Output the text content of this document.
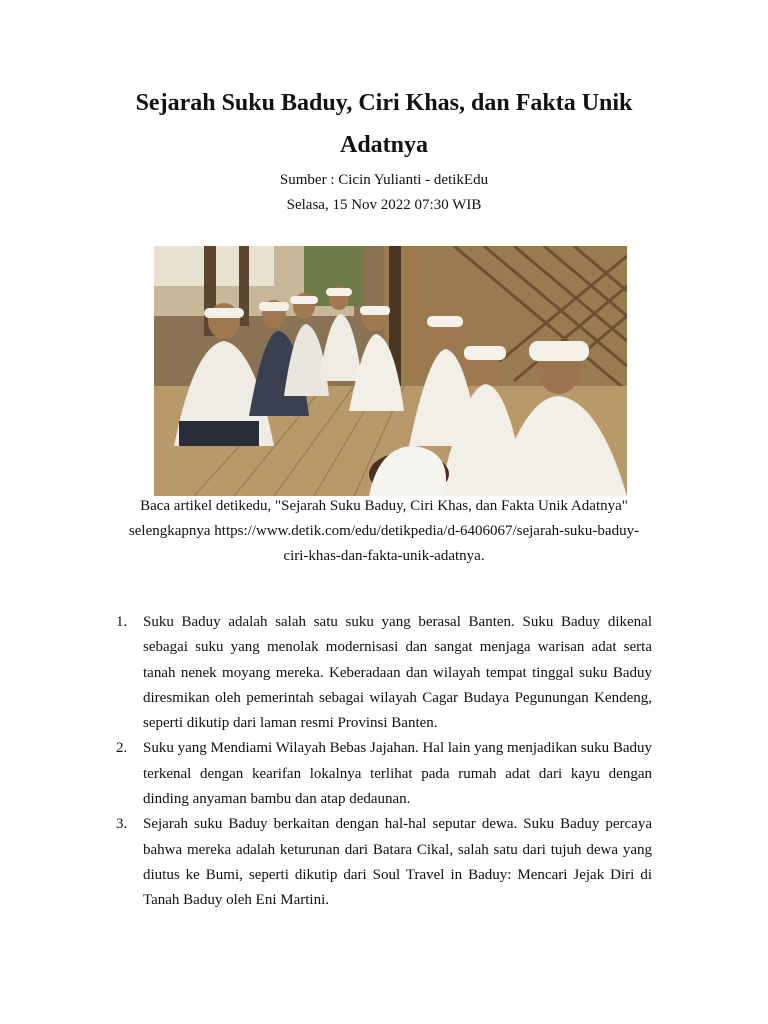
Sejarah Suku Baduy, Ciri Khas, dan Fakta Unik Adatnya
Sumber : Cicin Yulianti - detikEdu
Selasa, 15 Nov 2022 07:30 WIB

Baca artikel detikedu, "Sejarah Suku Baduy, Ciri Khas, dan Fakta Unik Adatnya"

selengkapnya https://www.detik.com/edu/detikpedia/d-6406067/sejarah-suku-baduy-

ciri-khas-dan-fakta-unik-adatnya.

1. Suku Baduy adalah salah satu suku yang berasal Banten. Suku Baduy dikenal sebagai suku yang menolak modernisasi dan sangat menjaga warisan adat serta tanah nenek moyang mereka. Keberadaan dan wilayah tempat tinggal suku Baduy diresmikan oleh pemerintah sebagai wilayah Cagar Budaya Pegunungan Kendeng, seperti dikutip dari laman resmi Provinsi Banten.
2. Suku yang Mendiami Wilayah Bebas Jajahan. Hal lain yang menjadikan suku Baduy terkenal dengan kearifan lokalnya terlihat pada rumah adat dari kayu dengan dinding anyaman bambu dan atap dedaunan.
3. Sejarah suku Baduy berkaitan dengan hal-hal seputar dewa. Suku Baduy percaya bahwa mereka adalah keturunan dari Batara Cikal, salah satu dari tujuh dewa yang diutus ke Bumi, seperti dikutip dari Soul Travel in Baduy: Mencari Jejak Diri di Tanah Baduy oleh Eni Martini.
